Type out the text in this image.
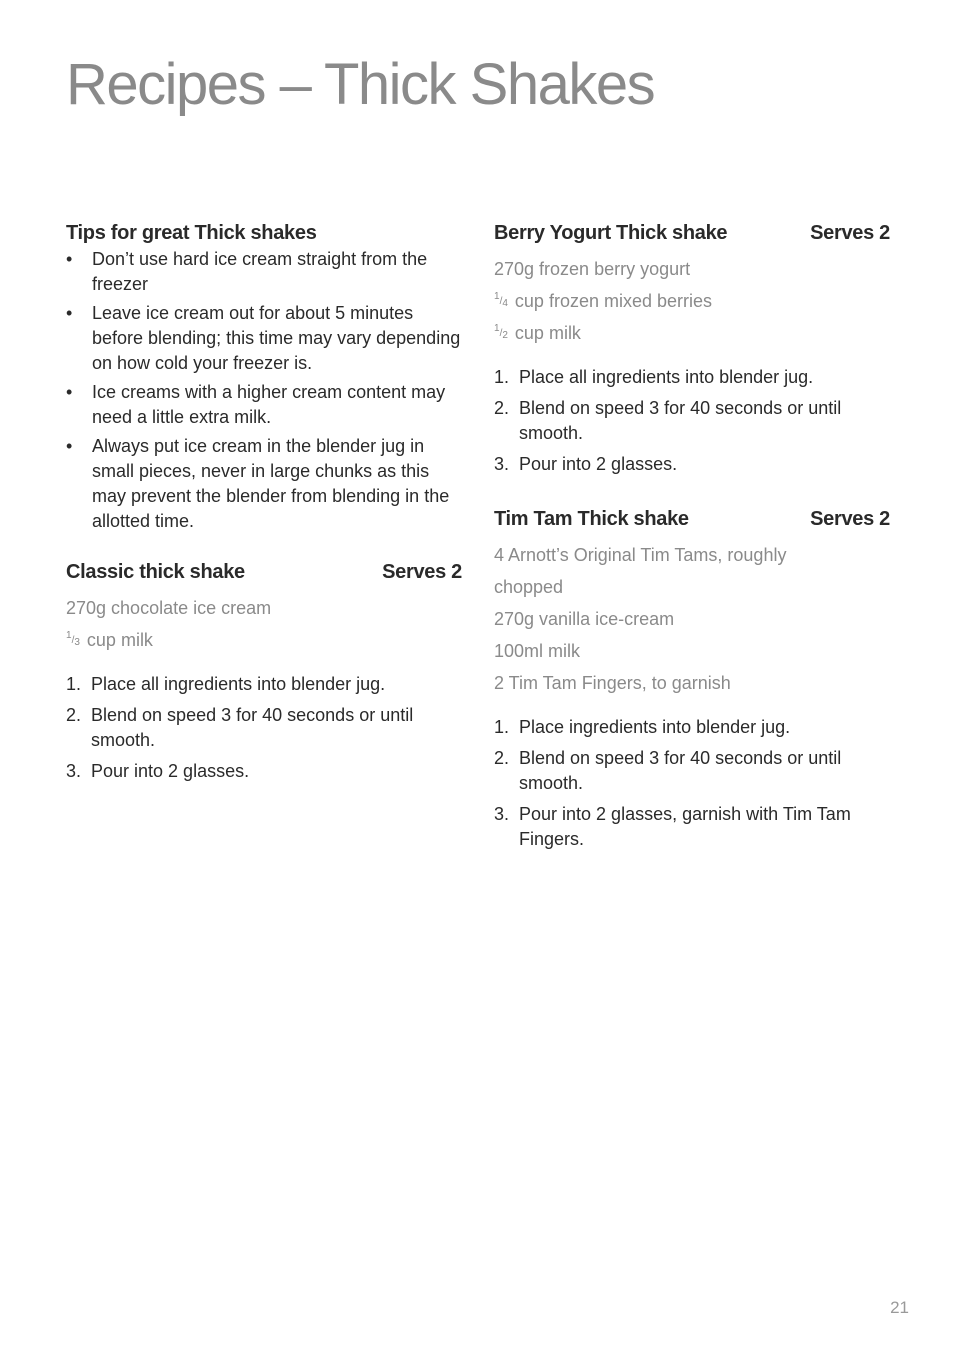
Recipes – Thick Shakes
Tips for great Thick shakes
• Don’t use hard ice cream straight from the freezer
• Leave ice cream out for about 5 minutes before blending; this time may vary depending on how cold your freezer is.
• Ice creams with a higher cream content may need a little extra milk.
• Always put ice cream in the blender jug in small pieces, never in large chunks as this may prevent the blender from blending in the allotted time.
Classic thick shake	Serves 2
270g chocolate ice cream
1/3 cup milk
1. Place all ingredients into blender jug.
2. Blend on speed 3 for 40 seconds or until smooth.
3. Pour into 2 glasses.
Berry Yogurt Thick shake	Serves 2
270g frozen berry yogurt
1/4 cup frozen mixed berries
1/2 cup milk
1. Place all ingredients into blender jug.
2. Blend on speed 3 for 40 seconds or until smooth.
3. Pour into 2 glasses.
Tim Tam Thick shake	Serves 2
4 Arnott’s Original Tim Tams, roughly
chopped
270g vanilla ice-cream
100ml milk
2 Tim Tam Fingers, to garnish
1. Place ingredients into blender jug.
2. Blend on speed 3 for 40 seconds or until smooth.
3. Pour into 2 glasses, garnish with Tim Tam Fingers.
21
